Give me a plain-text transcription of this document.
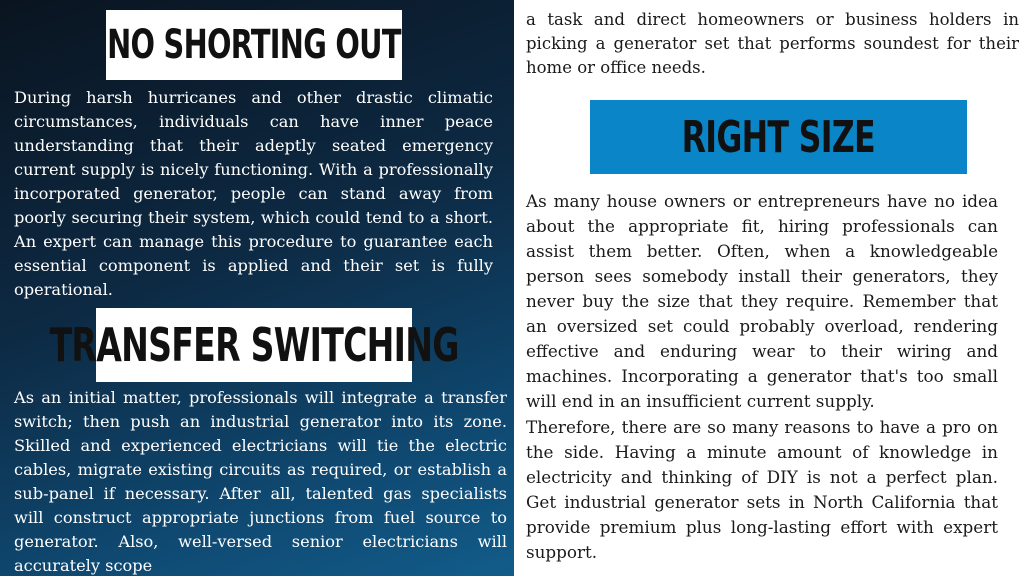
NO SHORTING OUT

During harsh hurricanes and other drastic climatic circumstances, individuals can have inner peace understanding that their adeptly seated emergency current supply is nicely functioning. With a professionally incorporated generator, people can stand away from poorly securing their system, which could tend to a short. An expert can manage this procedure to guarantee each essential component is applied and their set is fully operational.

TRANSFER SWITCHING

As an initial matter, professionals will integrate a transfer switch; then push an industrial generator into its zone. Skilled and experienced electricians will tie the electric cables, migrate existing circuits as required, or establish a sub-panel if necessary. After all, talented gas specialists will construct appropriate junctions from fuel source to generator. Also, well-versed senior electricians will accurately scope

a task and direct homeowners or business holders in picking a generator set that performs soundest for their home or office needs.

RIGHT SIZE

As many house owners or entrepreneurs have no idea about the appropriate fit, hiring professionals can assist them better. Often, when a knowledgeable person sees somebody install their generators, they never buy the size that they require. Remember that an oversized set could probably overload, rendering effective and enduring wear to their wiring and machines. Incorporating a generator that's too small will end in an insufficient current supply.

Therefore, there are so many reasons to have a pro on the side. Having a minute amount of knowledge in electricity and thinking of DIY is not a perfect plan. Get industrial generator sets in North California that provide premium plus long-lasting effort with expert support.
